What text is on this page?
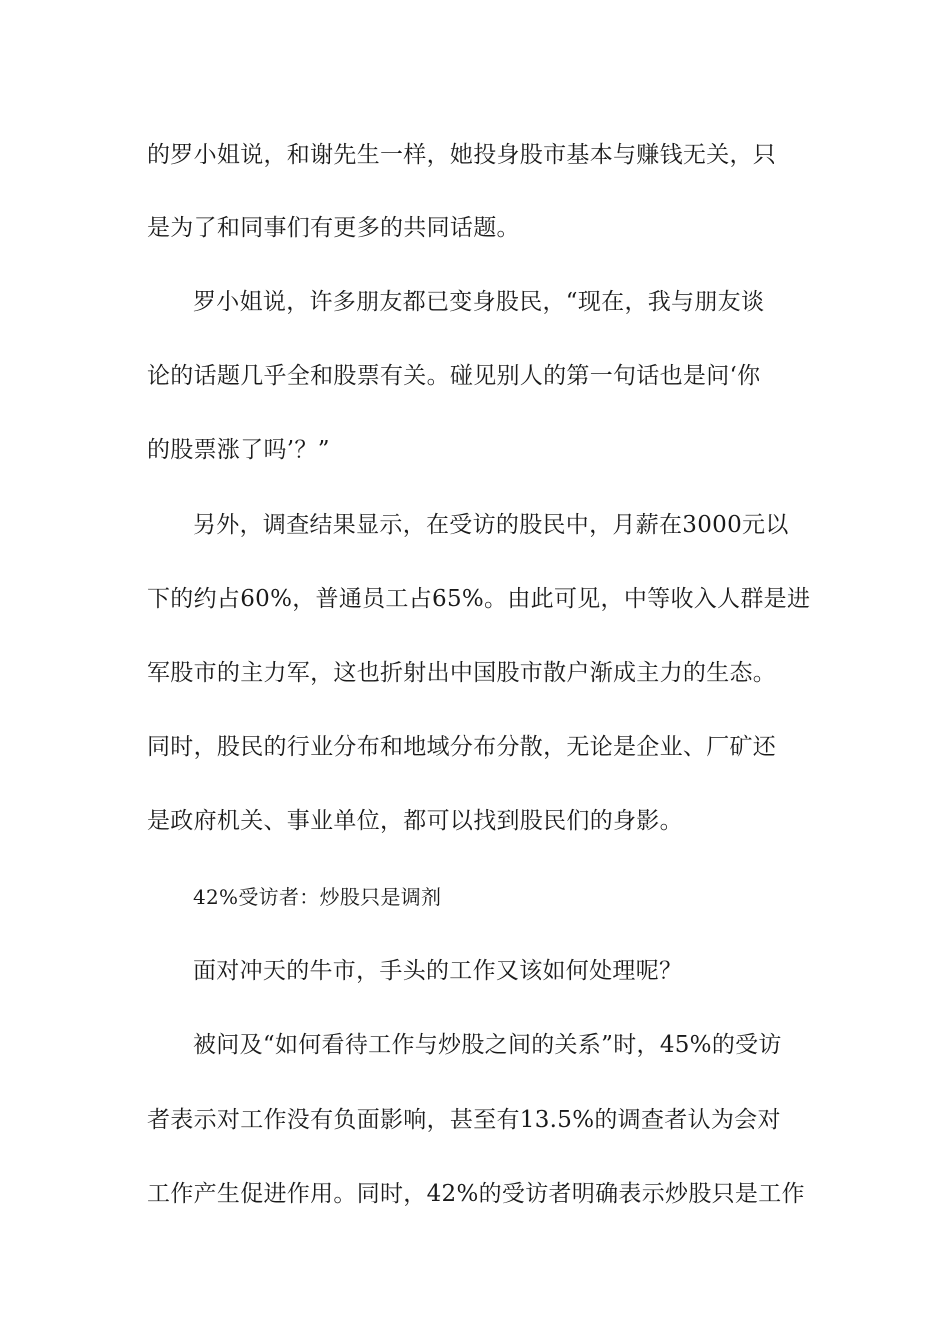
的罗小姐说，和谢先生一样，她投身股市基本与赚钱无关，只
是为了和同事们有更多的共同话题。
罗小姐说，许多朋友都已变身股民，“现在，我与朋友谈
论的话题几乎全和股票有关。碰见别人的第一句话也是问‘你
的股票涨了吗’？”
另外，调查结果显示，在受访的股民中，月薪在3000元以
下的约占60%，普通员工占65%。由此可见，中等收入人群是进
军股市的主力军，这也折射出中国股市散户渐成主力的生态。
同时，股民的行业分布和地域分布分散，无论是企业、厂矿还
是政府机关、事业单位，都可以找到股民们的身影。
42%受访者：炒股只是调剂
面对冲天的牛市，手头的工作又该如何处理呢？
被问及“如何看待工作与炒股之间的关系”时，45%的受访
者表示对工作没有负面影响，甚至有13.5%的调查者认为会对
工作产生促进作用。同时，42%的受访者明确表示炒股只是工作
